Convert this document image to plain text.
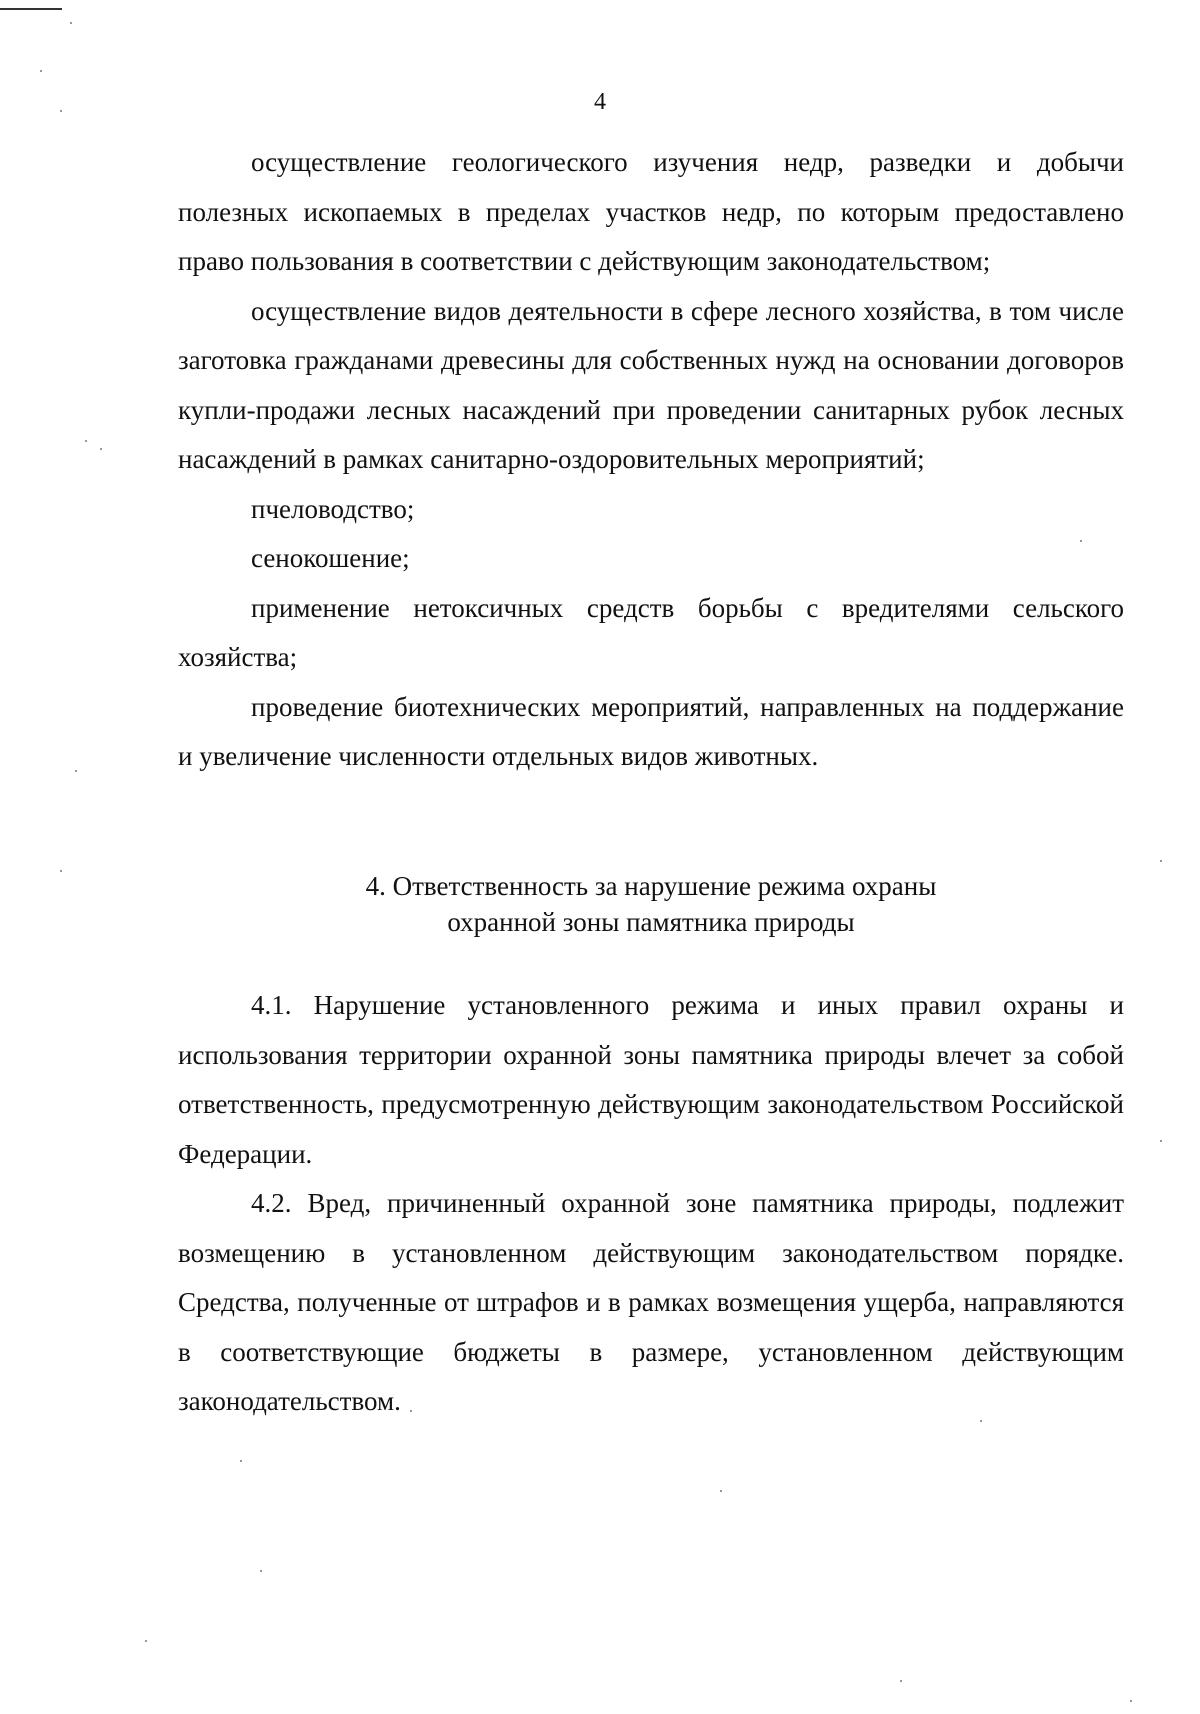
4

осуществление геологического изучения недр, разведки и добычи полезных ископаемых в пределах участков недр, по которым предоставлено право пользования в соответствии с действующим законодательством;

осуществление видов деятельности в сфере лесного хозяйства, в том числе заготовка гражданами древесины для собственных нужд на основании договоров купли-продажи лесных насаждений при проведении санитарных рубок лесных насаждений в рамках санитарно-оздоровительных мероприятий;

пчеловодство;

сенокошение;

применение нетоксичных средств борьбы с вредителями сельского хозяйства;

проведение биотехнических мероприятий, направленных на поддержание и увеличение численности отдельных видов животных.

4. Ответственность за нарушение режима охраны
охранной зоны памятника природы

4.1. Нарушение установленного режима и иных правил охраны и использования территории охранной зоны памятника природы влечет за собой ответственность, предусмотренную действующим законодательством Российской Федерации.

4.2. Вред, причиненный охранной зоне памятника природы, подлежит возмещению в установленном действующим законодательством порядке. Средства, полученные от штрафов и в рамках возмещения ущерба, направляются в соответствующие бюджеты в размере, установленном действующим законодательством.
